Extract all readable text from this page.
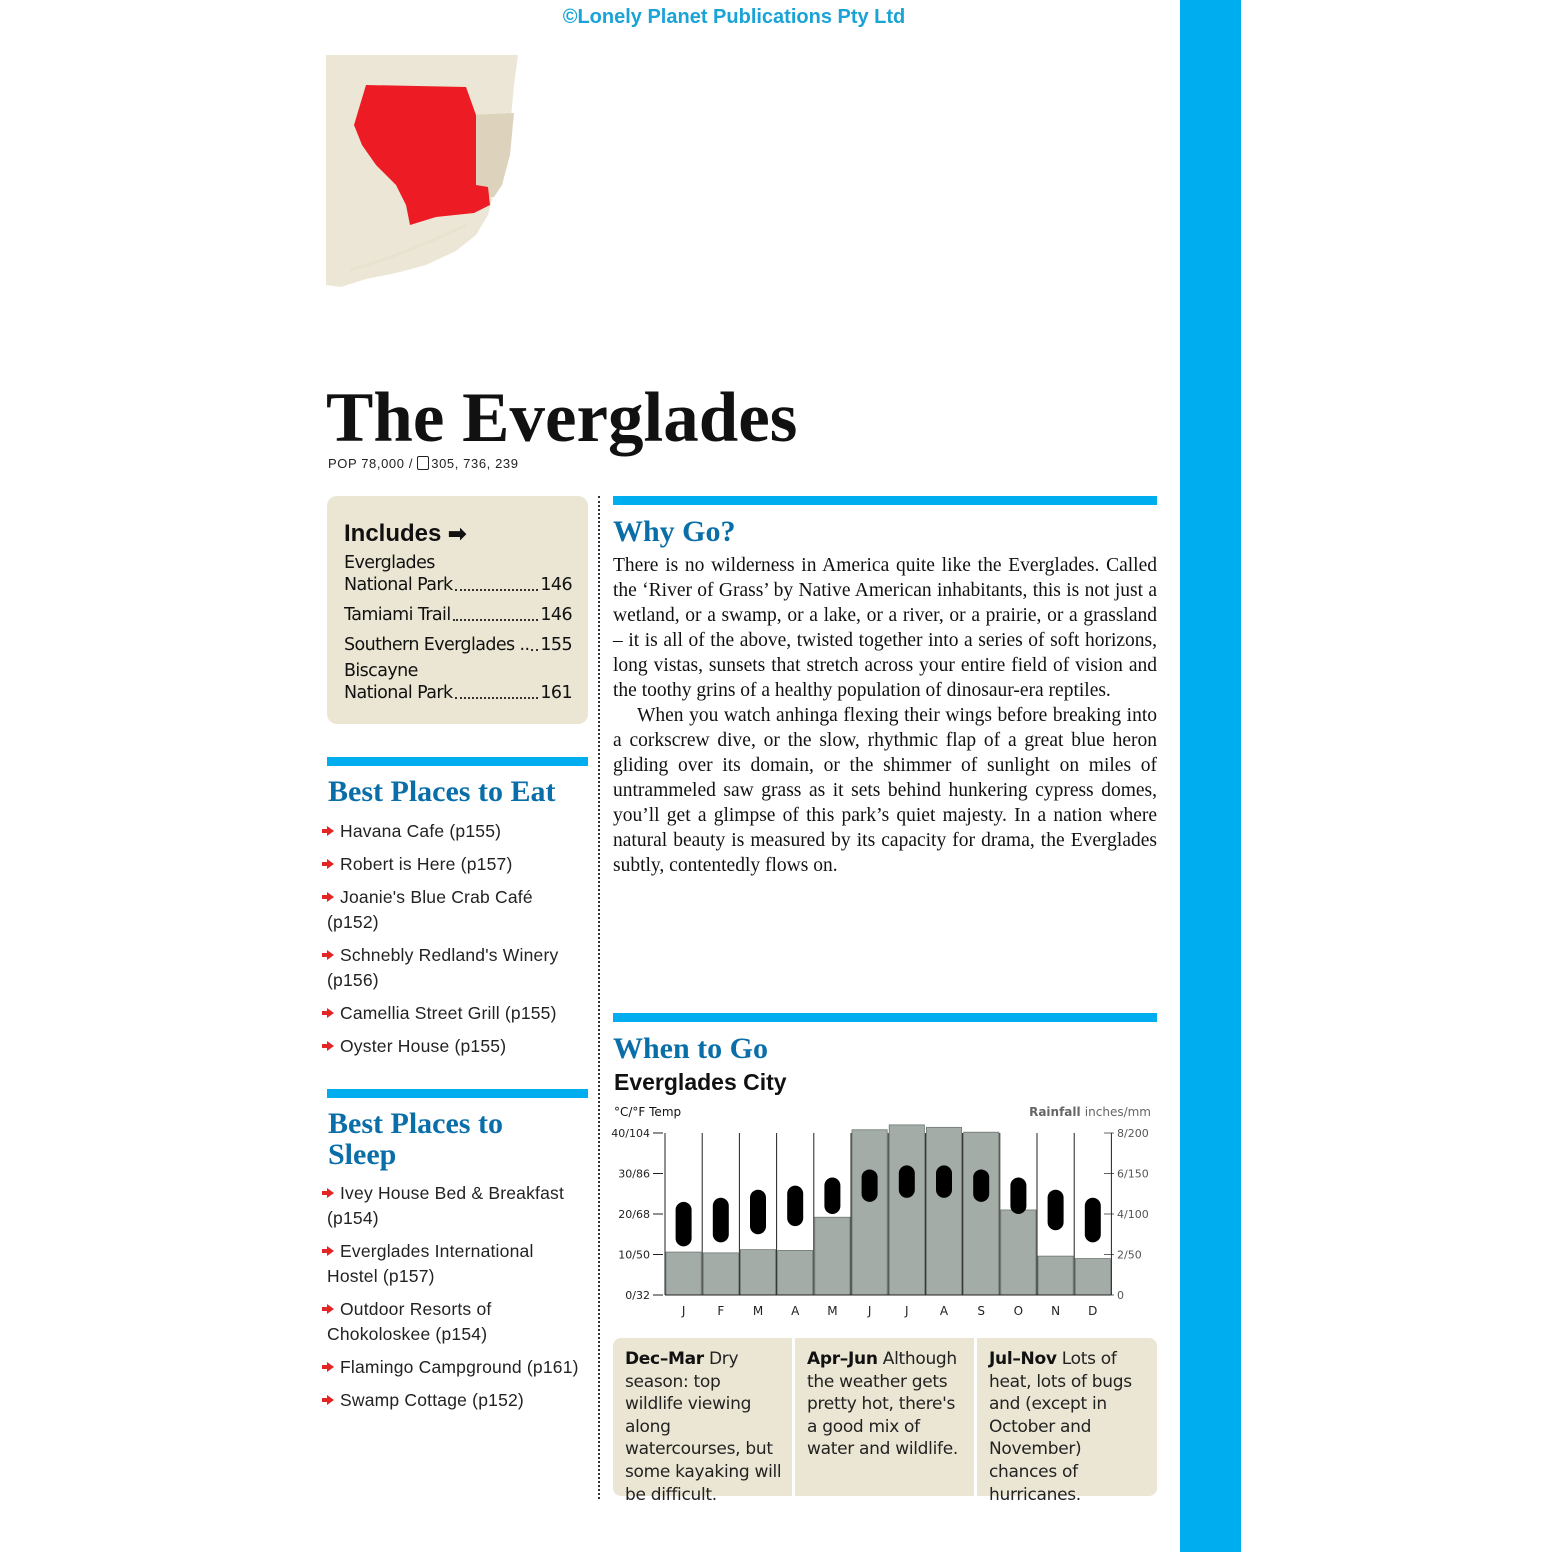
©Lonely Planet Publications Pty Ltd
The Everglades
POP 78,000 / 305, 736, 239
Includes ➡
Everglades
National Park	146
Tamiami Trail	146
Southern Everglades .. 155
Biscayne
National Park	161
Best Places to Eat
Havana Cafe (p155)
Robert is Here (p157)
Joanie's Blue Crab Café (p152)
Schnebly Redland's Winery (p156)
Camellia Street Grill (p155)
Oyster House (p155)
Best Places to
Sleep
Ivey House Bed & Breakfast (p154)
Everglades International Hostel (p157)
Outdoor Resorts of Chokoloskee (p154)
Flamingo Campground (p161)
Swamp Cottage (p152)
Why Go?

There is no wilderness in America quite like the Everglades. Called the ‘River of Grass’ by Native American inhabitants, this is not just a wetland, or a swamp, or a lake, or a river, or a prairie, or a grassland – it is all of the above, twisted together into a series of soft horizons, long vistas, sunsets that stretch across your entire field of vision and the toothy grins of a healthy population of dinosaur-era reptiles.

When you watch anhinga flexing their wings before breaking into a corkscrew dive, or the slow, rhythmic flap of a great blue heron gliding over its domain, or the shimmer of sunlight on miles of untrammeled saw grass as it sets behind hunkering cypress domes, you’ll get a glimpse of this park’s quiet majesty. In a nation where natural beauty is measured by its capacity for drama, the Everglades subtly, contentedly flows on.

When to Go
Everglades City
°C/°F Temp	Rainfall inches/mm
40/104
30/86
20/68
10/50
0/32
8/200
6/150
4/100
2/50
0
J	F M A M	J	J	A S O N D
Dec–Mar Dry season: top wildlife viewing along watercourses, but some kayaking will be difficult.
Apr–Jun Although the weather gets pretty hot, there's a good mix of water and wildlife.
Jul–Nov Lots of heat, lots of bugs and (except in October and November) chances of hurricanes.
